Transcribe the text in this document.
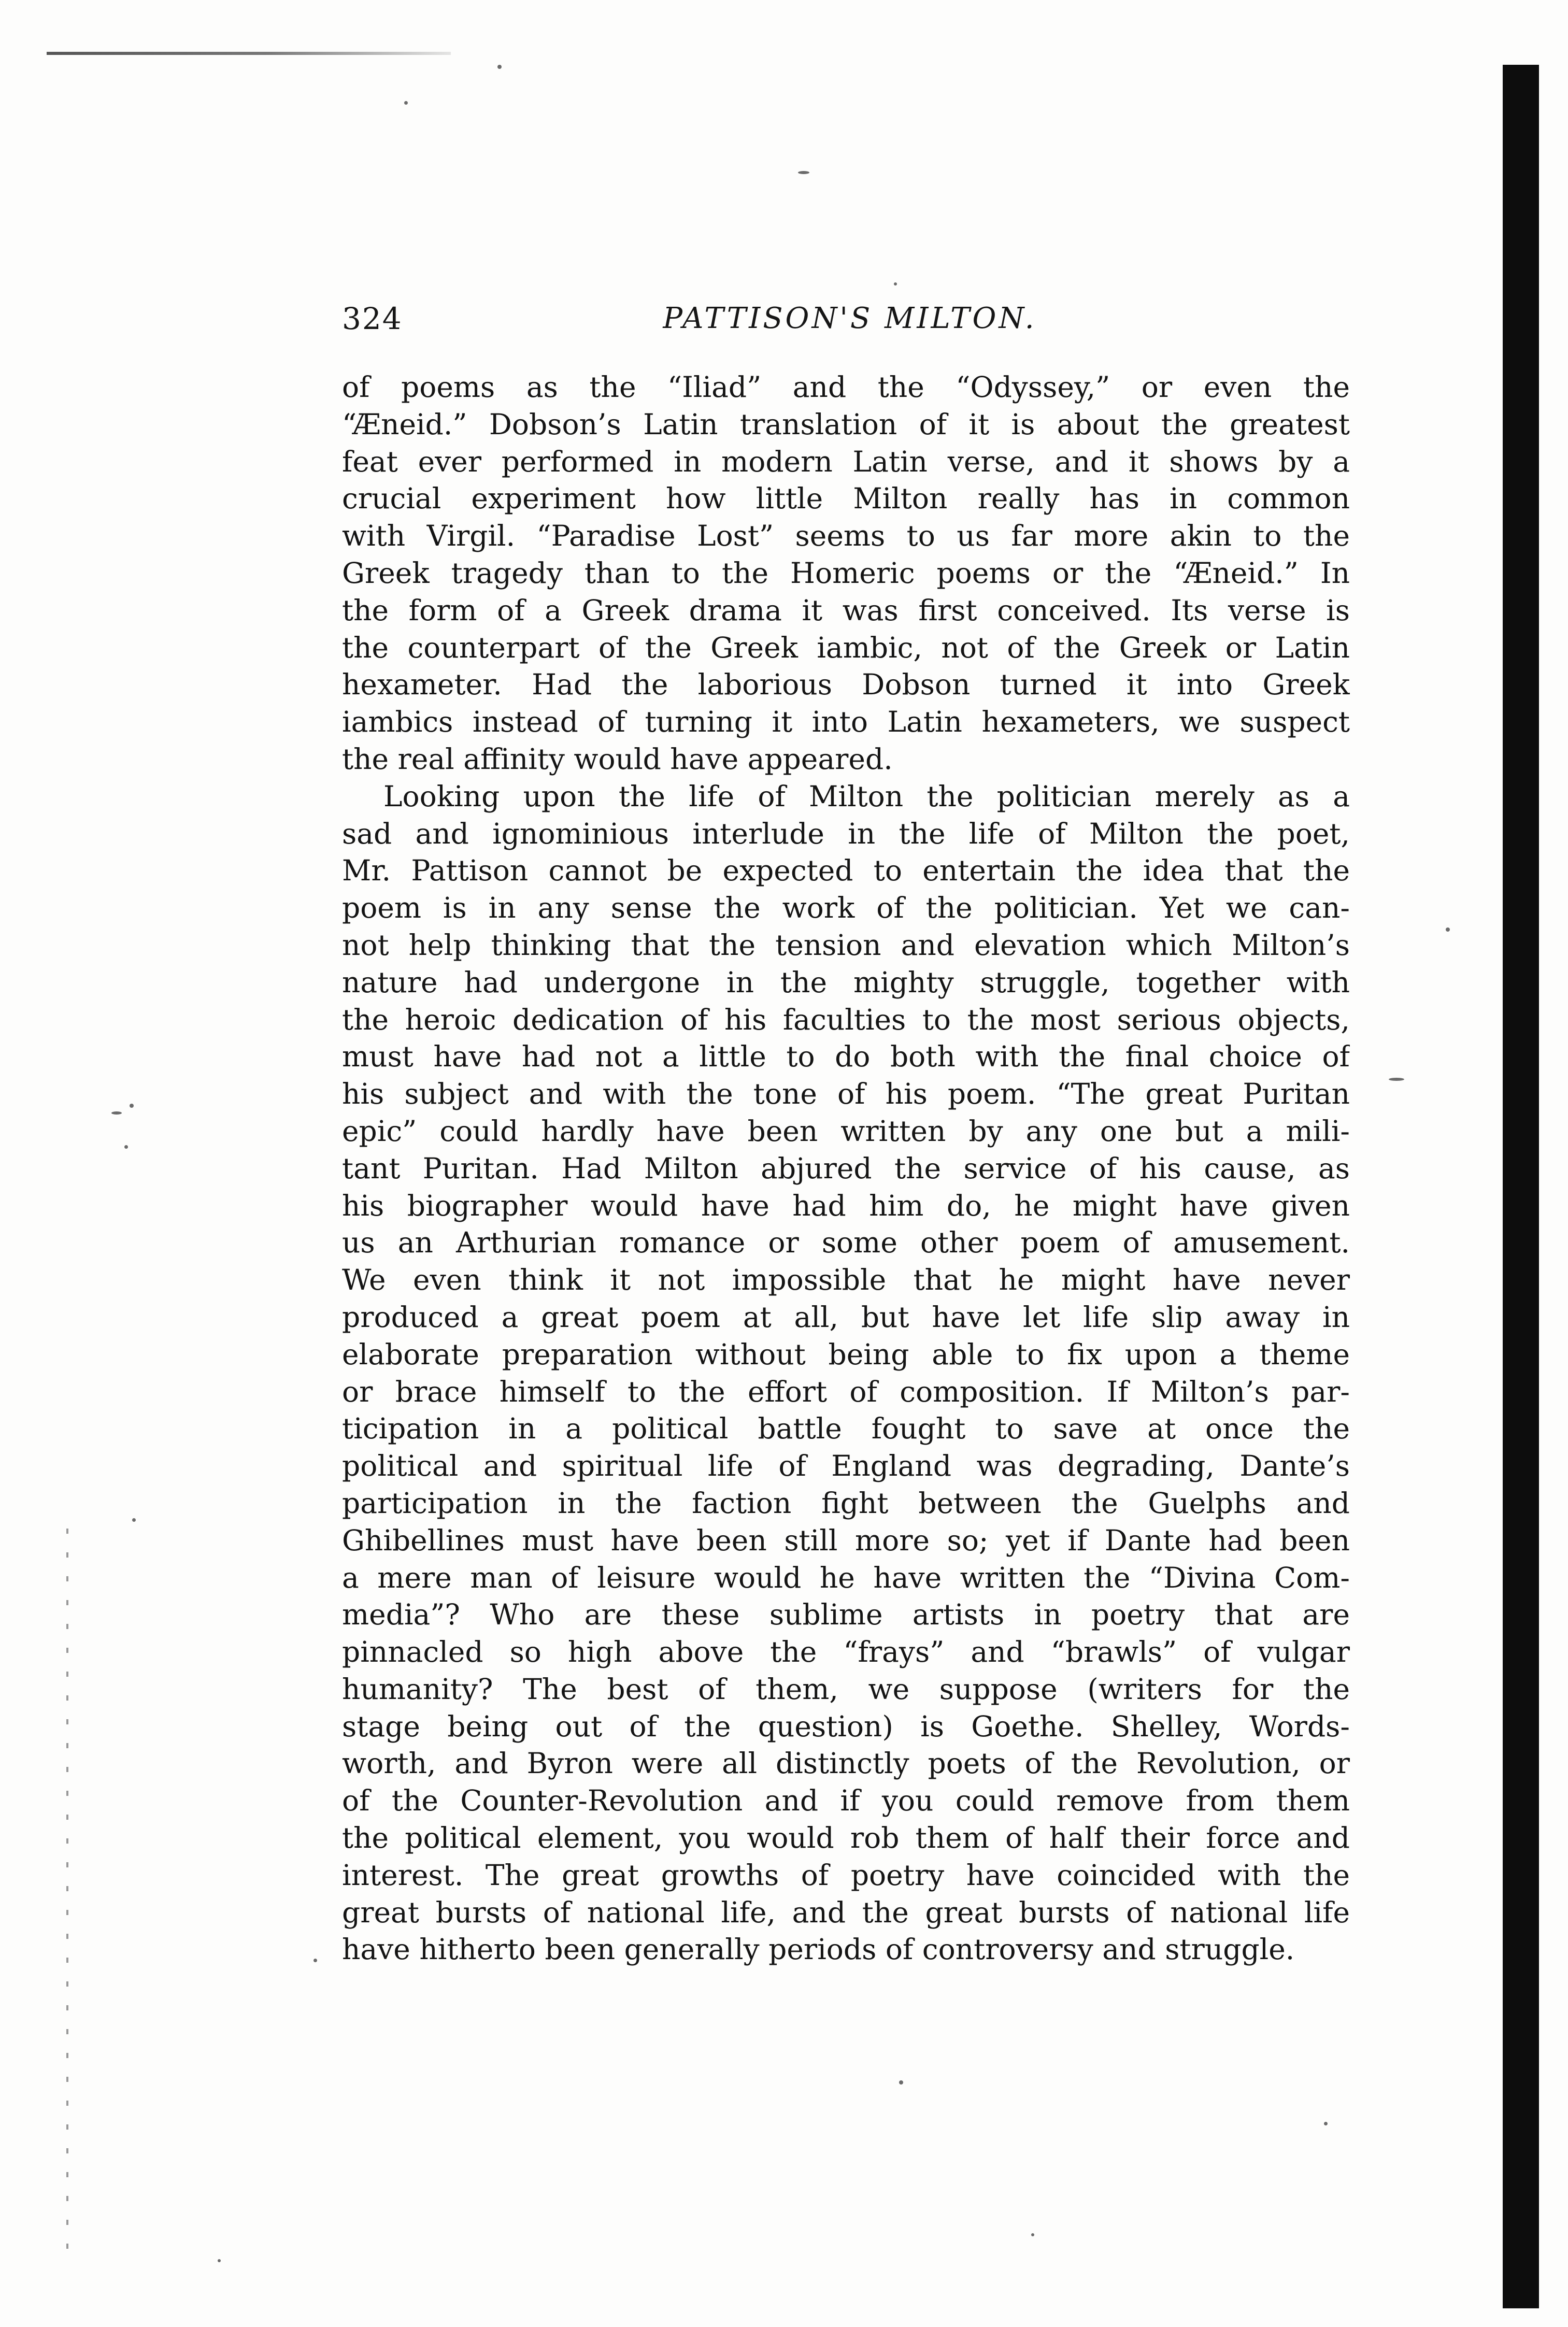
324	PATTISON'S MILTON.

of poems as the “Iliad” and the “Odyssey,” or even the

“Æneid.” Dobson’s Latin translation of it is about the greatest

feat ever performed in modern Latin verse, and it shows by a

crucial experiment how little Milton really has in common

with Virgil. “Paradise Lost” seems to us far more akin to the

Greek tragedy than to the Homeric poems or the “Æneid.” In

the form of a Greek drama it was first conceived. Its verse is

the counterpart of the Greek iambic, not of the Greek or Latin

hexameter. Had the laborious Dobson turned it into Greek

iambics instead of turning it into Latin hexameters, we suspect

the real affinity would have appeared.

Looking upon the life of Milton the politician merely as a

sad and ignominious interlude in the life of Milton the poet,

Mr. Pattison cannot be expected to entertain the idea that the

poem is in any sense the work of the politician. Yet we can-

not help thinking that the tension and elevation which Milton’s

nature had undergone in the mighty struggle, together with

the heroic dedication of his faculties to the most serious objects,

must have had not a little to do both with the final choice of

his subject and with the tone of his poem. “The great Puritan

epic” could hardly have been written by any one but a mili-

tant Puritan. Had Milton abjured the service of his cause, as

his biographer would have had him do, he might have given

us an Arthurian romance or some other poem of amusement.

We even think it not impossible that he might have never

produced a great poem at all, but have let life slip away in

elaborate preparation without being able to fix upon a theme

or brace himself to the effort of composition. If Milton’s par-

ticipation in a political battle fought to save at once the

political and spiritual life of England was degrading, Dante’s

participation in the faction fight between the Guelphs and

Ghibellines must have been still more so; yet if Dante had been

a mere man of leisure would he have written the “Divina Com-

media”? Who are these sublime artists in poetry that are

pinnacled so high above the “frays” and “brawls” of vulgar

humanity? The best of them, we suppose (writers for the

stage being out of the question) is Goethe. Shelley, Words-

worth, and Byron were all distinctly poets of the Revolution, or

of the Counter-Revolution and if you could remove from them

the political element, you would rob them of half their force and

interest. The great growths of poetry have coincided with the

great bursts of national life, and the great bursts of national life

have hitherto been generally periods of controversy and struggle.
